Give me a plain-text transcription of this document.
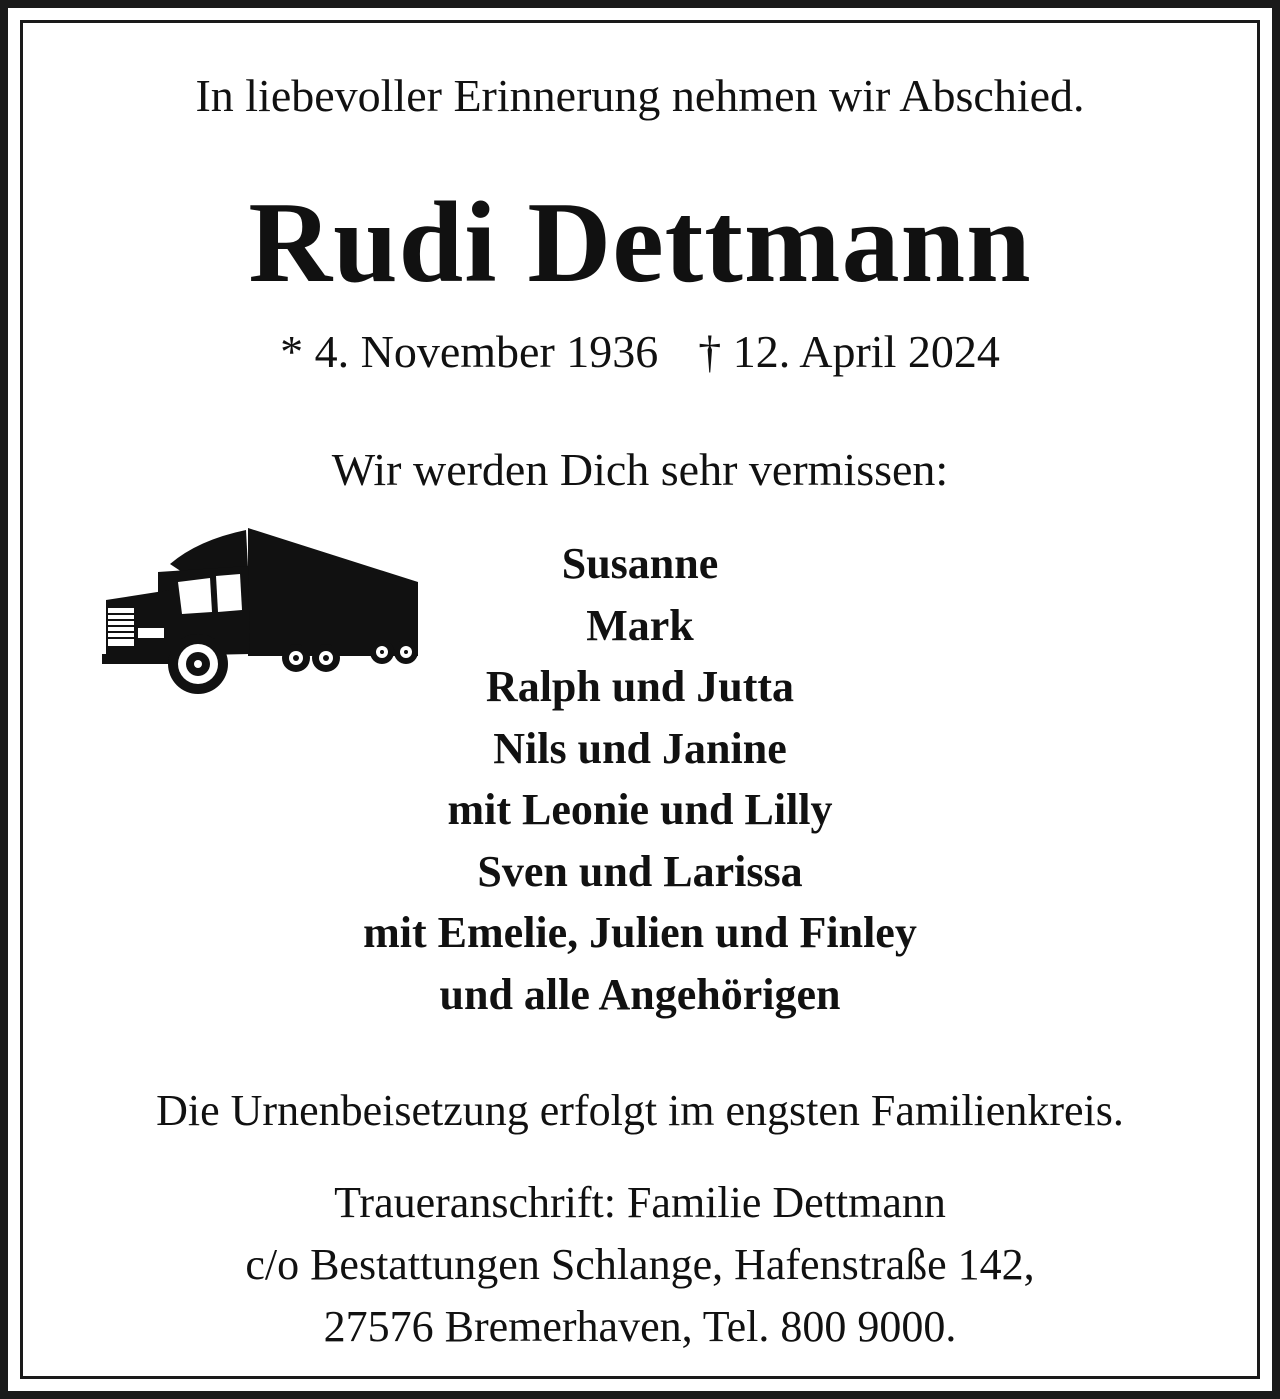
In liebevoller Erinnerung nehmen wir Abschied.
Rudi Dettmann
* 4. November 1936 † 12. April 2024
Wir werden Dich sehr vermissen:
Susanne
Mark
Ralph und Jutta
Nils und Janine
mit Leonie und Lilly
Sven und Larissa
mit Emelie, Julien und Finley
und alle Angehörigen
Die Urnenbeisetzung erfolgt im engsten Familienkreis.
Traueranschrift: Familie Dettmann
c/o Bestattungen Schlange, Hafenstraße 142,
27576 Bremerhaven, Tel. 800 9000.
